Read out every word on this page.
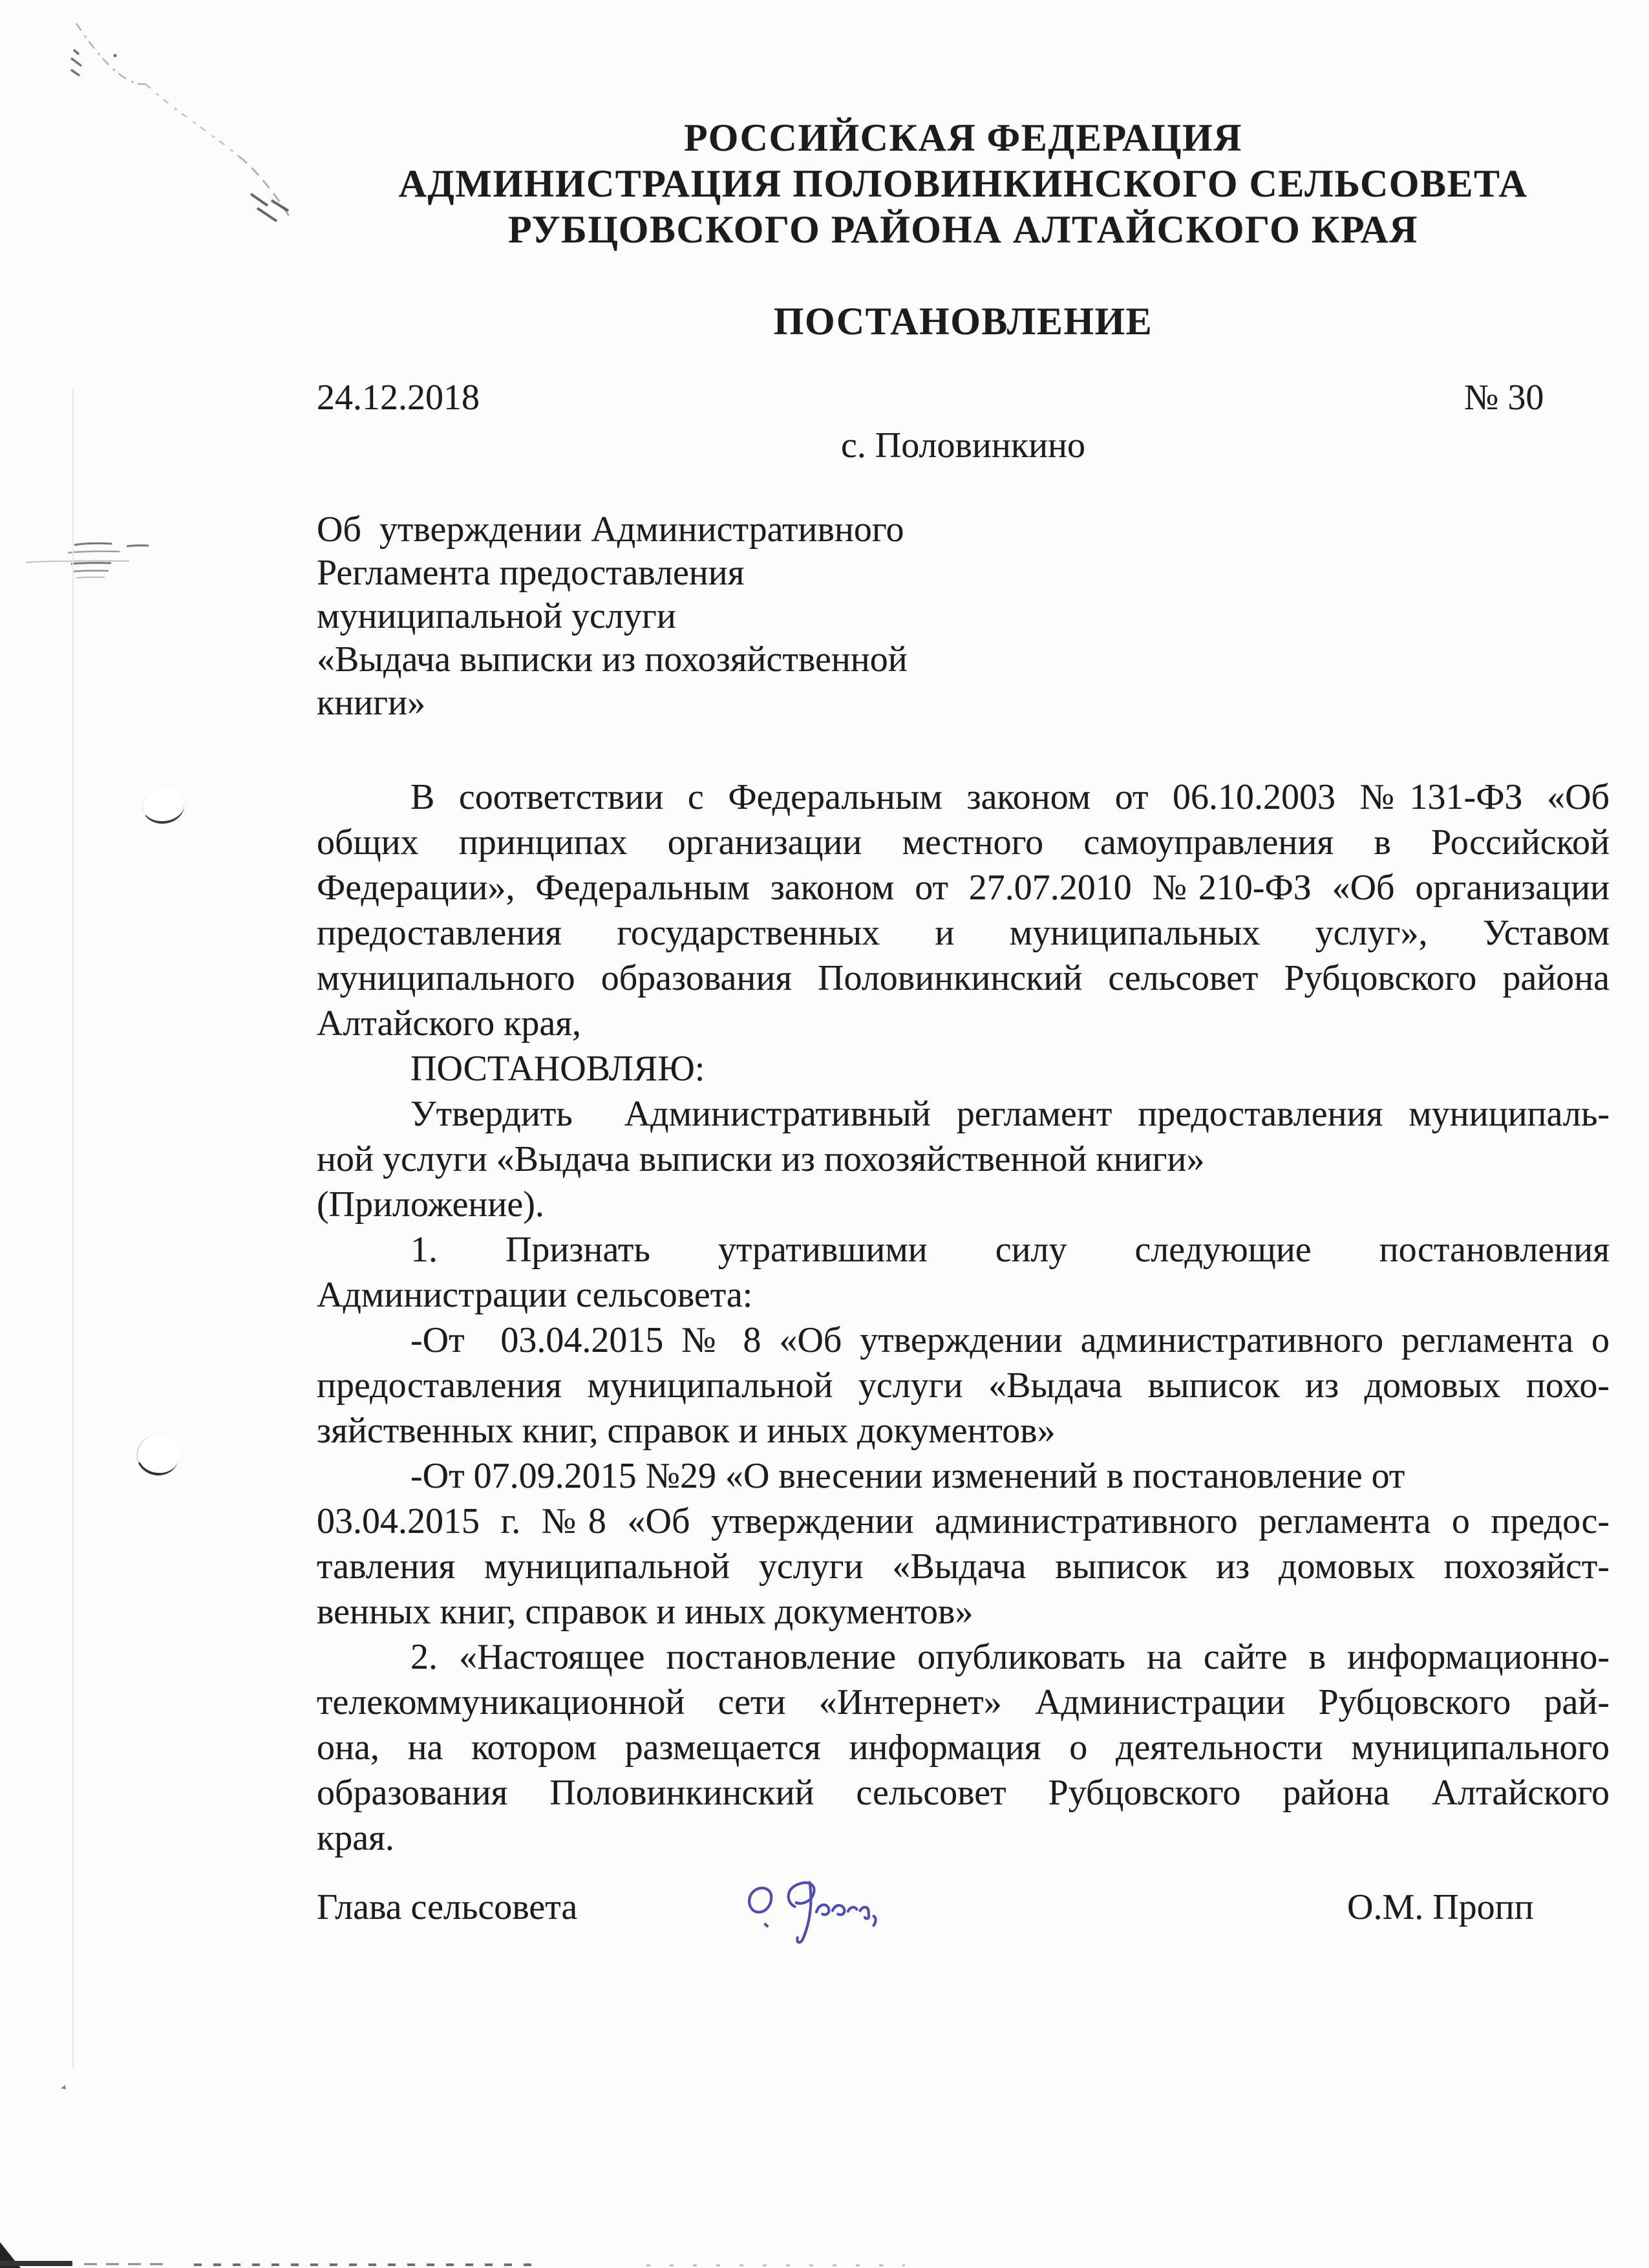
РОССИЙСКАЯ ФЕДЕРАЦИЯ
АДМИНИСТРАЦИЯ ПОЛОВИНКИНСКОГО СЕЛЬСОВЕТА
РУБЦОВСКОГО РАЙОНА АЛТАЙСКОГО КРАЯ
ПОСТАНОВЛЕНИЕ
24.12.2018	№ 30
с. Половинкино
Об  утверждении Административного
Регламента предоставления
муниципальной услуги
«Выдача выписки из похозяйственной
книги»
В соответствии с Федеральным законом от 06.10.2003 №131-ФЗ «Об
общих принципах организации местного самоуправления в Российской
Федерации», Федеральным законом от 27.07.2010 №210-ФЗ «Об организации
предоставления государственных и муниципальных услуг», Уставом
муниципального образования Половинкинский сельсовет Рубцовского района
Алтайского края,
ПОСТАНОВЛЯЮ:
Утвердить  Административный регламент предоставления муниципаль-
ной услуги «Выдача выписки из похозяйственной книги»
(Приложение).
1. Признать утратившими силу следующие постановления
Администрации сельсовета:
-От  03.04.2015 № 8 «Об утверждении административного регламента о
предоставления муниципальной услуги «Выдача выписок из домовых похо-
зяйственных книг, справок и иных документов»
-От 07.09.2015 №29 «О внесении изменений в постановление от
03.04.2015 г. №8 «Об утверждении административного регламента о предос-
тавления муниципальной услуги «Выдача выписок из домовых похозяйст-
венных книг, справок и иных документов»
2. «Настоящее постановление опубликовать на сайте в информационно-
телекоммуникационной сети «Интернет» Администрации Рубцовского рай-
она, на котором размещается информация о деятельности муниципального
образования Половинкинский сельсовет Рубцовского района Алтайского
края.
Глава сельсовета	О.М. Пропп
